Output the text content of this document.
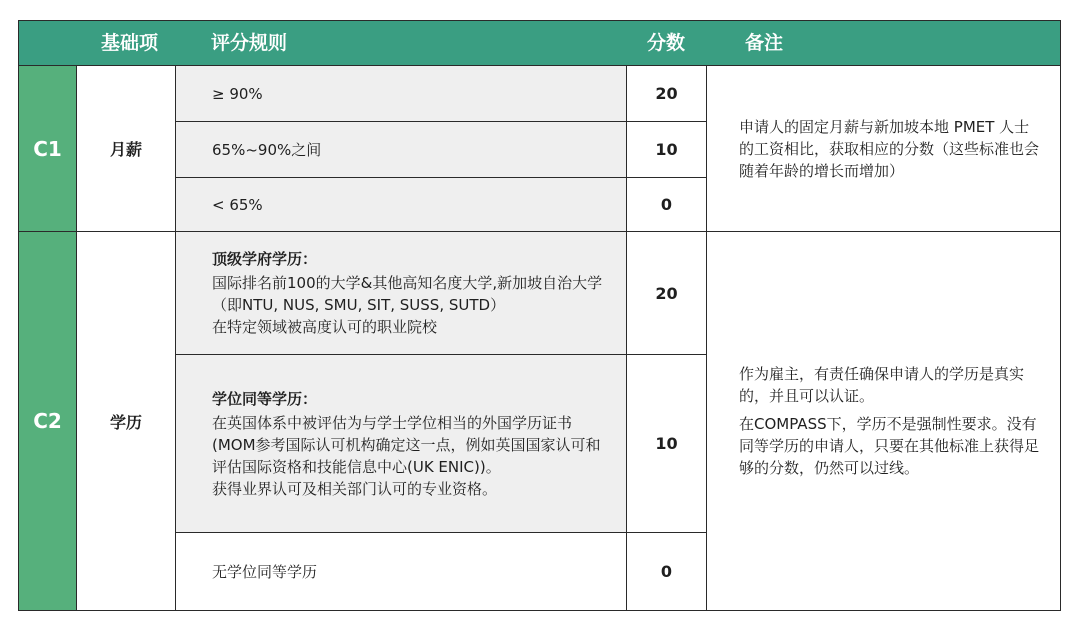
基础项	评分规则	分数	备注
C1	月薪
≥ 90%	20
65%~90%之间	10
< 65%	0

申请人的固定月薪与新加坡本地 PMET 人士的工资相比，获取相应的分数（这些标准也会随着年龄的增长而增加）

C2	学历
顶级学府学历：
国际排名前100的大学&其他高知名度大学,新加坡自治大学（即NTU, NUS, SMU, SIT, SUSS, SUTD）
在特定领域被高度认可的职业院校
20
学位同等学历：
在英国体系中被评估为与学士学位相当的外国学历证书(MOM参考国际认可机构确定这一点，例如英国国家认可和评估国际资格和技能信息中心(UK ENIC))。
获得业界认可及相关部门认可的专业资格。
10
无学位同等学历	0

作为雇主，有责任确保申请人的学历是真实的，并且可以认证。

在COMPASS下，学历不是强制性要求。没有同等学历的申请人，只要在其他标准上获得足够的分数，仍然可以过线。
